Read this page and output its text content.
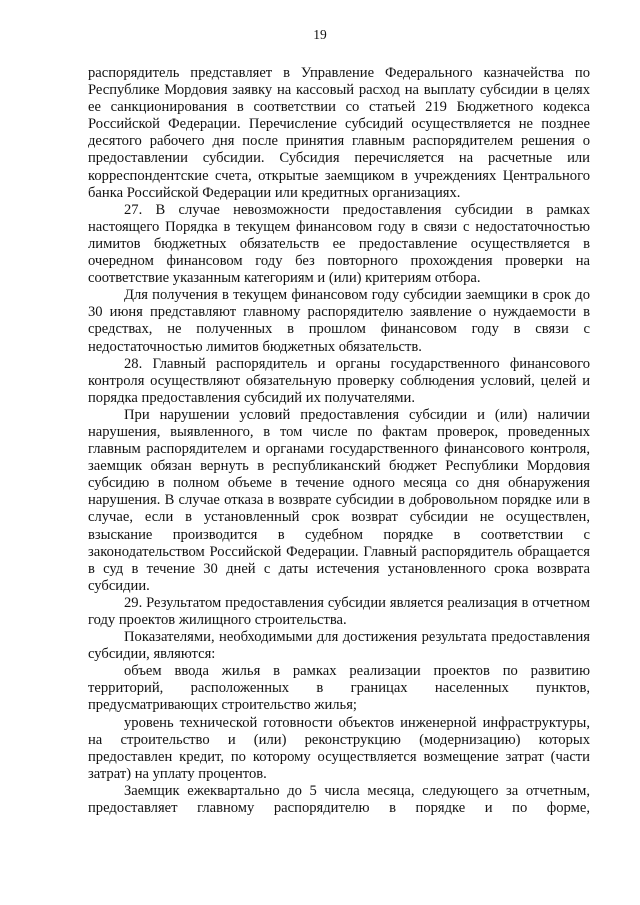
19

распорядитель представляет в Управление Федерального казначейства по Республике Мордовия заявку на кассовый расход на выплату субсидии в целях ее санкционирования в соответствии со статьей 219 Бюджетного кодекса Российской Федерации. Перечисление субсидий осуществляется не позднее десятого рабочего дня после принятия главным распорядителем решения о предоставлении субсидии. Субсидия перечисляется на расчетные или корреспондентские счета, открытые заемщиком в учреждениях Центрального банка Российской Федерации или кредитных организациях.

27. В случае невозможности предоставления субсидии в рамках настоящего Порядка в текущем финансовом году в связи с недостаточностью лимитов бюджетных обязательств ее предоставление осуществляется в очередном финансовом году без повторного прохождения проверки на соответствие указанным категориям и (или) критериям отбора.

Для получения в текущем финансовом году субсидии заемщики в срок до 30 июня представляют главному распорядителю заявление о нуждаемости в средствах, не полученных в прошлом финансовом году в связи с недостаточностью лимитов бюджетных обязательств.

28. Главный распорядитель и органы государственного финансового контроля осуществляют обязательную проверку соблюдения условий, целей и порядка предоставления субсидий их получателями.

При нарушении условий предоставления субсидии и (или) наличии нарушения, выявленного, в том числе по фактам проверок, проведенных главным распорядителем и органами государственного финансового контроля, заемщик обязан вернуть в республиканский бюджет Республики Мордовия субсидию в полном объеме в течение одного месяца со дня обнаружения нарушения. В случае отказа в возврате субсидии в добровольном порядке или в случае, если в установленный срок возврат субсидии не осуществлен, взыскание производится в судебном порядке в соответствии с законодательством Российской Федерации. Главный распорядитель обращается в суд в течение 30 дней с даты истечения установленного срока возврата субсидии.

29. Результатом предоставления субсидии является реализация в отчетном году проектов жилищного строительства.

Показателями, необходимыми для достижения результата предоставления субсидии, являются:

объем ввода жилья в рамках реализации проектов по развитию территорий, расположенных в границах населенных пунктов, предусматривающих строительство жилья;

уровень технической готовности объектов инженерной инфраструктуры, на строительство и (или) реконструкцию (модернизацию) которых предоставлен кредит, по которому осуществляется возмещение затрат (части затрат) на уплату процентов.

Заемщик ежеквартально до 5 числа месяца, следующего за отчетным, предоставляет главному распорядителю в порядке и по форме,
